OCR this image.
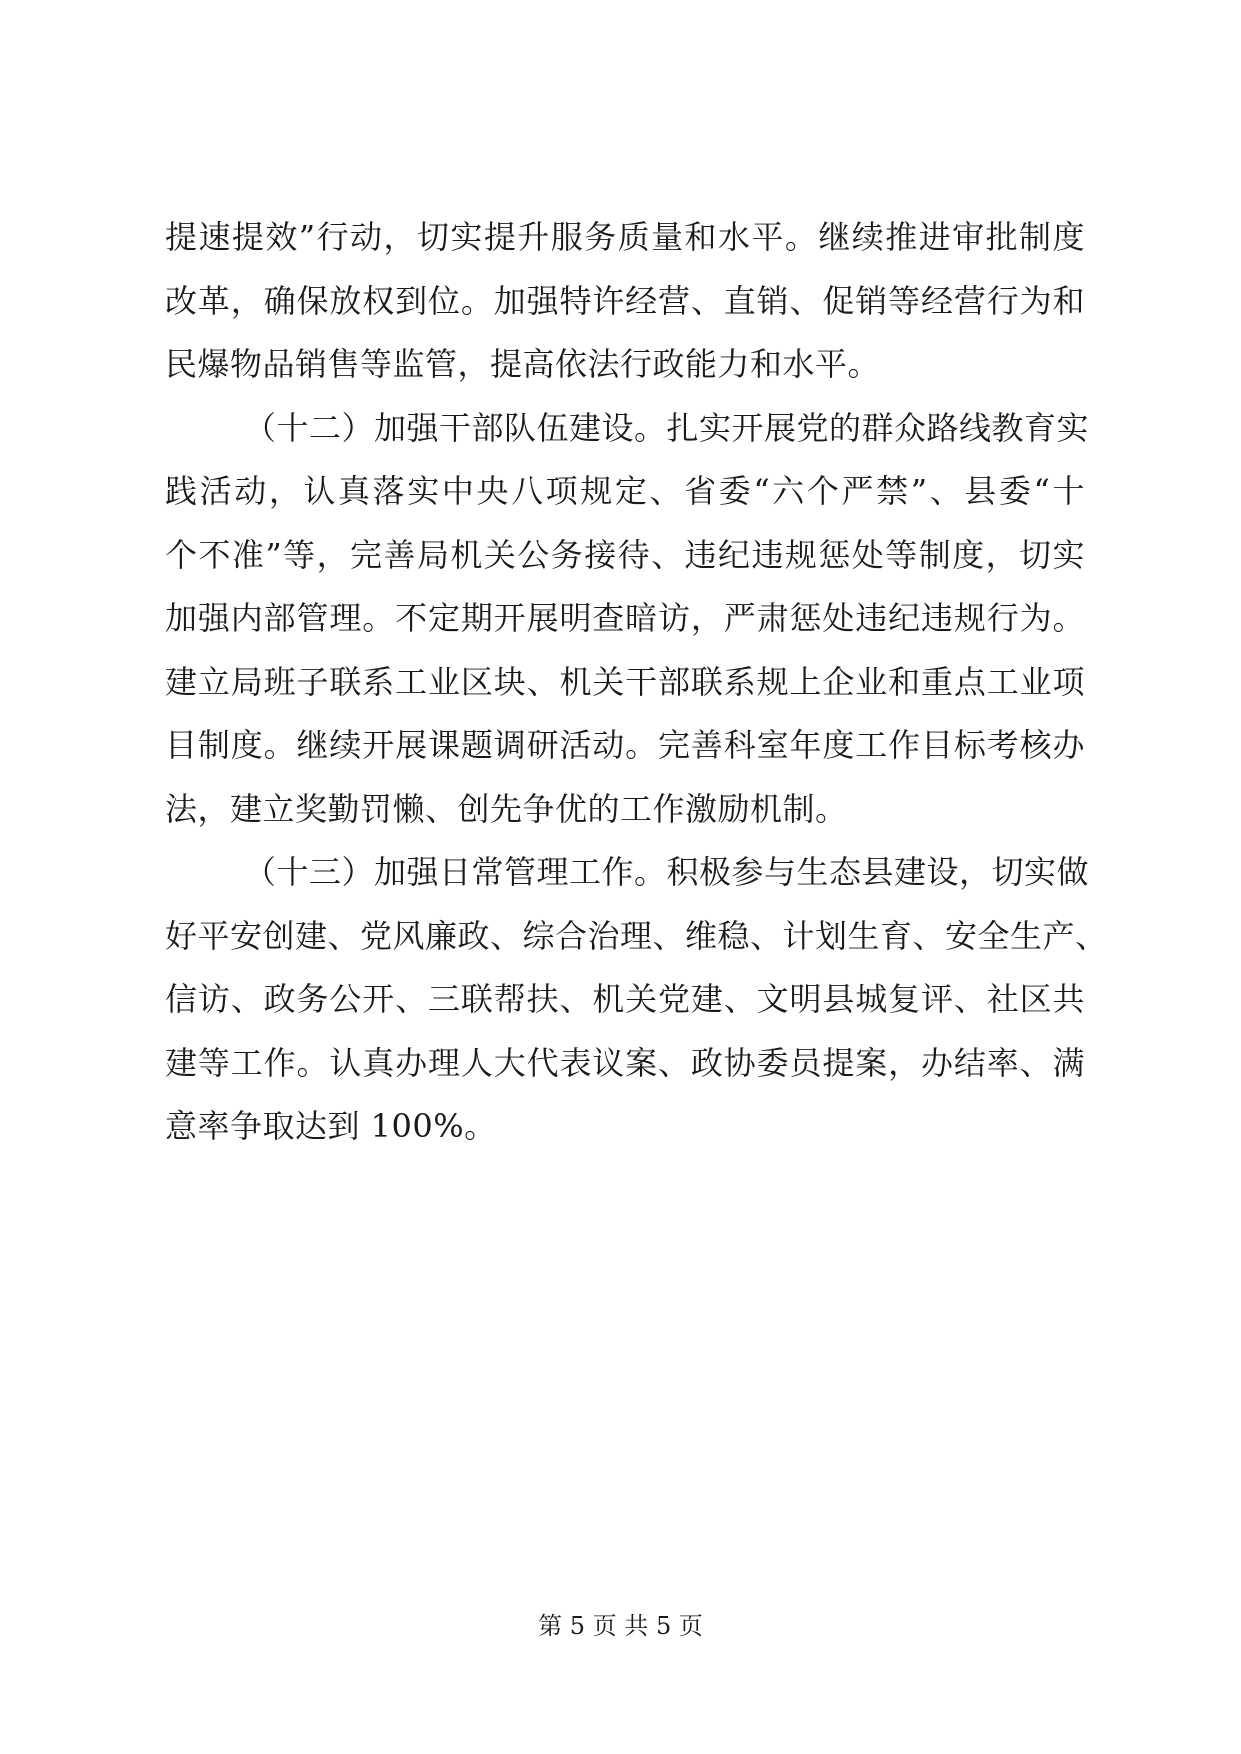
提速提效”行动，切实提升服务质量和水平。继续推进审批制度
改革，确保放权到位。加强特许经营、直销、促销等经营行为和
民爆物品销售等监管，提高依法行政能力和水平。
（十二）加强干部队伍建设。扎实开展党的群众路线教育实
践活动，认真落实中央八项规定、省委“六个严禁”、县委“十
个不准”等，完善局机关公务接待、违纪违规惩处等制度，切实
加强内部管理。不定期开展明查暗访，严肃惩处违纪违规行为。
建立局班子联系工业区块、机关干部联系规上企业和重点工业项
目制度。继续开展课题调研活动。完善科室年度工作目标考核办
法，建立奖勤罚懒、创先争优的工作激励机制。
（十三）加强日常管理工作。积极参与生态县建设，切实做
好平安创建、党风廉政、综合治理、维稳、计划生育、安全生产、
信访、政务公开、三联帮扶、机关党建、文明县城复评、社区共
建等工作。认真办理人大代表议案、政协委员提案，办结率、满
意率争取达到 100%。
第 5 页 共 5 页
